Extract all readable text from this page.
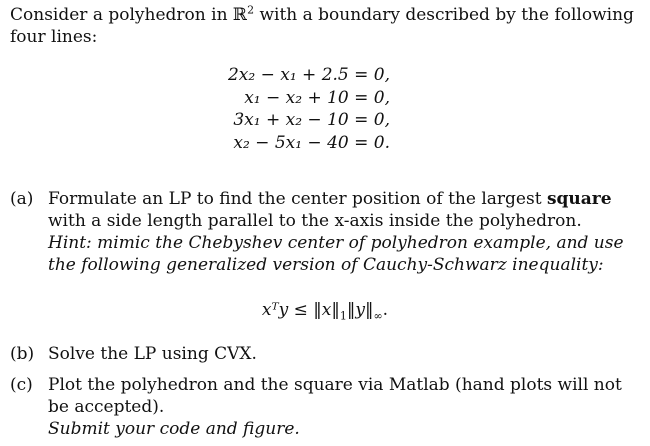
Consider a polyhedron in ℝ$^2$ with a boundary described by the following four lines:
2x₂ − x₁ + 2.5 = 0,
x₁ − x₂ + 10 = 0,
3x₁ + x₂ − 10 = 0,
x₂ − 5x₁ − 40 = 0.
(a) Formulate an LP to find the center position of the largest square with a side length parallel to the x-axis inside the polyhedron.
Hint: mimic the Chebyshev center of polyhedron example, and use the following generalized version of Cauchy-Schwarz inequality:
xᵀy ≤ $‖x‖_1‖y‖_\infty$.
(b) Solve the LP using CVX.
(c) Plot the polyhedron and the square via Matlab (hand plots will not be accepted).
Submit your code and figure.
